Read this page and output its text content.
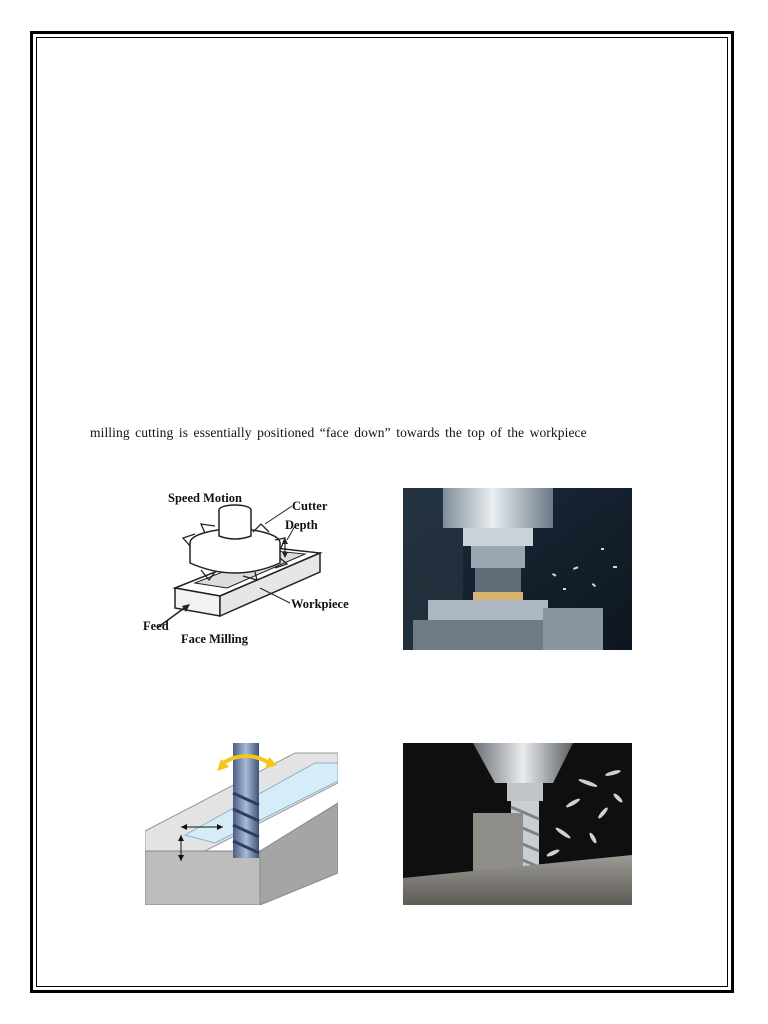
milling cutting is essentially positioned “face down” towards the top of the workpiece
Speed Motion
Cutter
Depth
Workpiece
Feed
Face Milling
